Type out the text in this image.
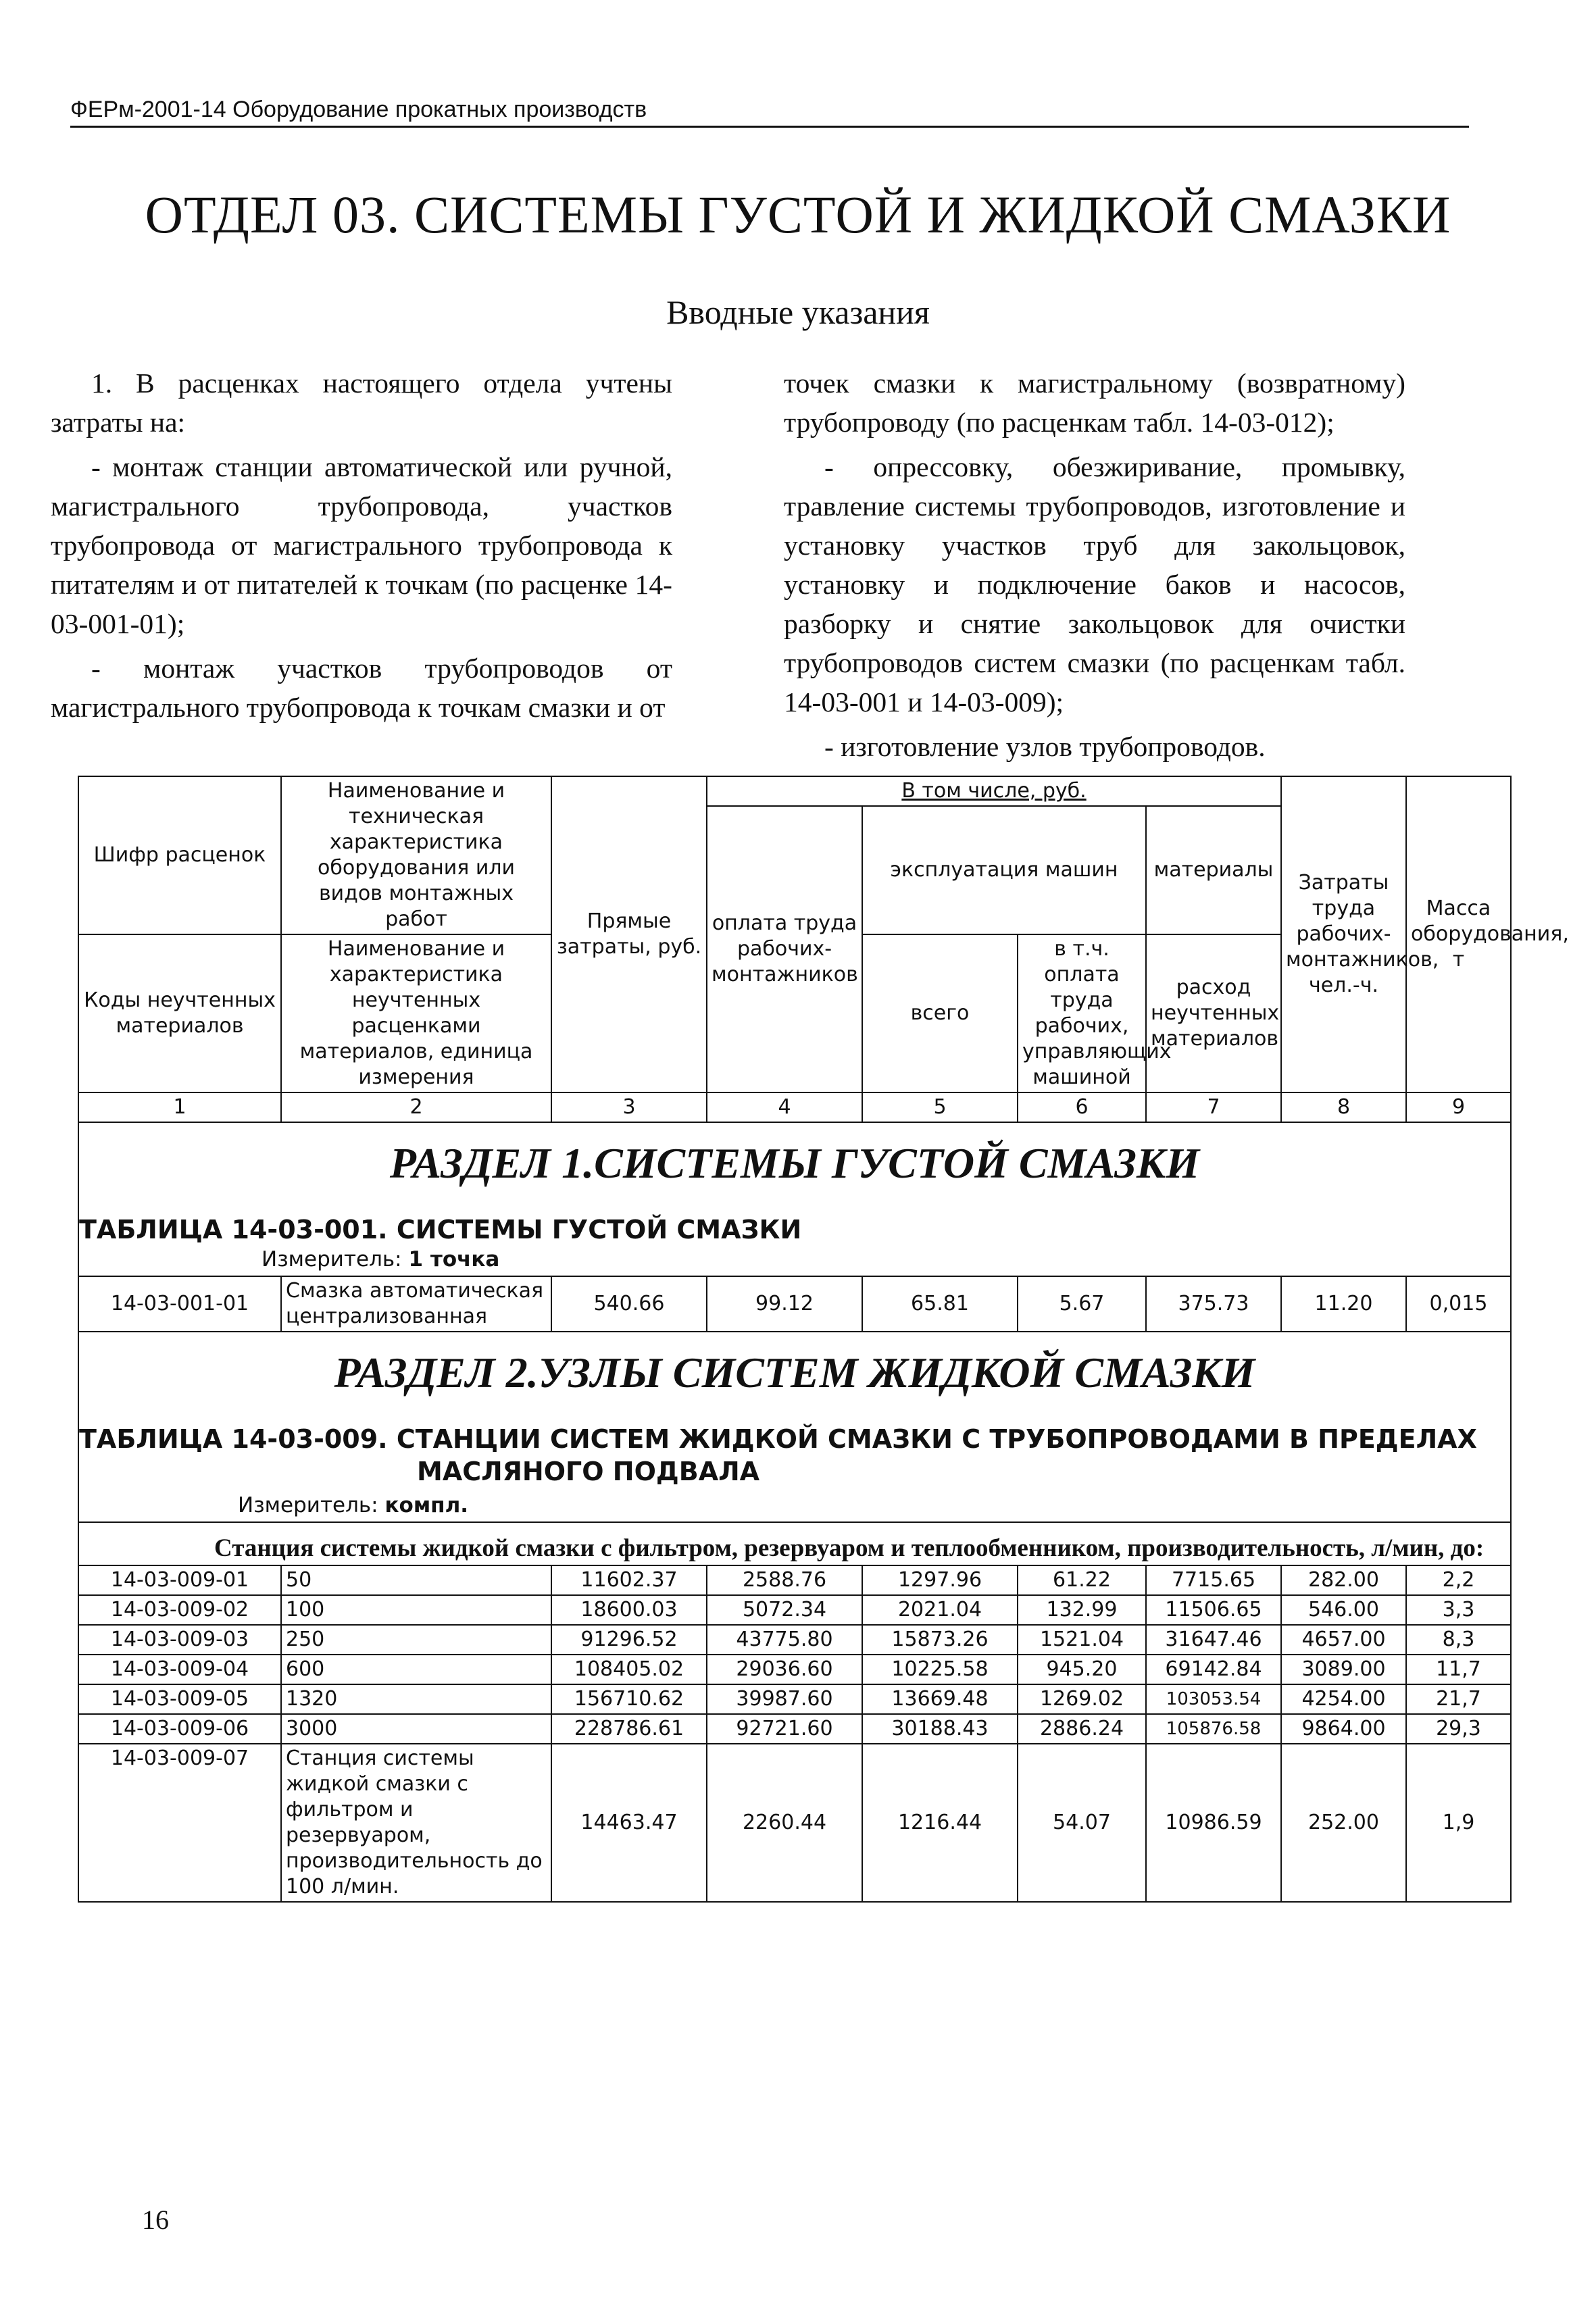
ФЕРм-2001-14 Оборудование прокатных производств
ОТДЕЛ 03. СИСТЕМЫ ГУСТОЙ И ЖИДКОЙ СМАЗКИ
Вводные указания

1. В расценках настоящего отдела учтены затраты на:

- монтаж станции автоматической или ручной, магистрального трубопровода, участков трубопровода от магистрального трубопровода к питателям и от питателей к точкам (по расценке 14-03-001-01);

- монтаж участков трубопроводов от магистрального трубопровода к точкам смазки и от

точек смазки к магистральному (возвратному) трубопроводу (по расценкам табл. 14-03-012);

- опрессовку, обезжиривание, промывку, травление системы трубопроводов, изготовление и установку участков труб для закольцовок, установку и подключение баков и насосов, разборку и снятие закольцовок для очистки трубопроводов систем смазки (по расценкам табл. 14-03-001 и 14-03-009);

- изготовление узлов трубопроводов.

Шифр расценок	Наименование и техническая характеристика оборудования или видов монтажных работ	Прямые затраты, руб.	В том числе, руб.				Затраты труда рабочих-монтажников, чел.-ч.	Масса оборудования, т
			оплата труда рабочих-монтажников	эксплуатация машин		материалы		
Коды неучтенных материалов	Наименование и характеристика неучтенных расценками материалов, единица измерения			всего	в т.ч. оплата труда рабочих, управляющих машиной	расход неучтенных материалов		

1	2	3	4	5	6	7	8	9

РАЗДЕЛ 1.СИСТЕМЫ ГУСТОЙ СМАЗКИ
ТАБЛИЦА 14-03-001. СИСТЕМЫ ГУСТОЙ СМАЗКИ
Измеритель: 1 точка								

14-03-001-01	Смазка автоматическая централизованная	540.66	99.12	65.81	5.67	375.73	11.20	0,015

РАЗДЕЛ 2.УЗЛЫ СИСТЕМ ЖИДКОЙ СМАЗКИ
ТАБЛИЦА 14-03-009. СТАНЦИИ СИСТЕМ ЖИДКОЙ СМАЗКИ С ТРУБОПРОВОДАМИ В ПРЕДЕЛАХ
МАСЛЯНОГО ПОДВАЛА
Измеритель: компл.								

Станция системы жидкой смазки с фильтром, резервуаром и теплообменником, производительность, л/мин, до:								

14-03-009-01	50	11602.37	2588.76	1297.96	61.22	7715.65	282.00	2,2
14-03-009-02	100	18600.03	5072.34	2021.04	132.99	11506.65	546.00	3,3
14-03-009-03	250	91296.52	43775.80	15873.26	1521.04	31647.46	4657.00	8,3
14-03-009-04	600	108405.02	29036.60	10225.58	945.20	69142.84	3089.00	11,7
14-03-009-05	1320	156710.62	39987.60	13669.48	1269.02	103053.54	4254.00	21,7
14-03-009-06	3000	228786.61	92721.60	30188.43	2886.24	105876.58	9864.00	29,3
14-03-009-07	Станция системы жидкой смазки с фильтром и резервуаром, производительность до 100 л/мин.	14463.47	2260.44	1216.44	54.07	10986.59	252.00	1,9
16
